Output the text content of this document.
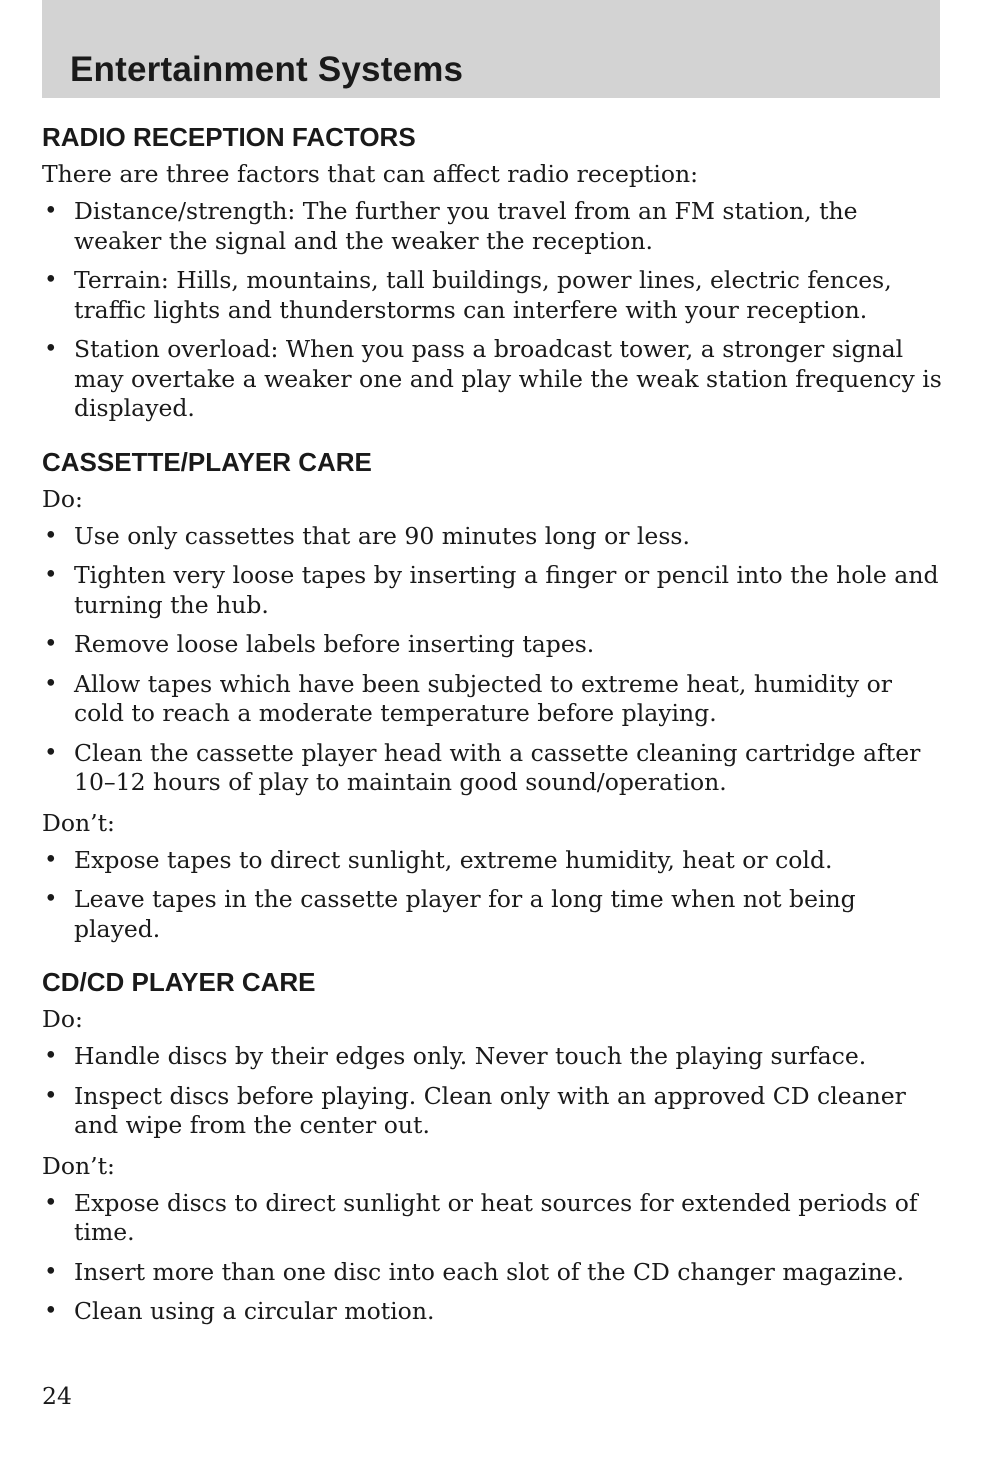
Entertainment Systems
RADIO RECEPTION FACTORS

There are three factors that can affect radio reception:

• Distance/strength: The further you travel from an FM station, the weaker the signal and the weaker the reception.
• Terrain: Hills, mountains, tall buildings, power lines, electric fences, traffic lights and thunderstorms can interfere with your reception.
• Station overload: When you pass a broadcast tower, a stronger signal may overtake a weaker one and play while the weak station frequency is displayed.
CASSETTE/PLAYER CARE

Do:

• Use only cassettes that are 90 minutes long or less.
• Tighten very loose tapes by inserting a finger or pencil into the hole and turning the hub.
• Remove loose labels before inserting tapes.
• Allow tapes which have been subjected to extreme heat, humidity or cold to reach a moderate temperature before playing.
• Clean the cassette player head with a cassette cleaning cartridge after 10–12 hours of play to maintain good sound/operation.

Don’t:

• Expose tapes to direct sunlight, extreme humidity, heat or cold.
• Leave tapes in the cassette player for a long time when not being played.
CD/CD PLAYER CARE

Do:

• Handle discs by their edges only. Never touch the playing surface.
• Inspect discs before playing. Clean only with an approved CD cleaner and wipe from the center out.

Don’t:

• Expose discs to direct sunlight or heat sources for extended periods of time.
• Insert more than one disc into each slot of the CD changer magazine.
• Clean using a circular motion.
24
